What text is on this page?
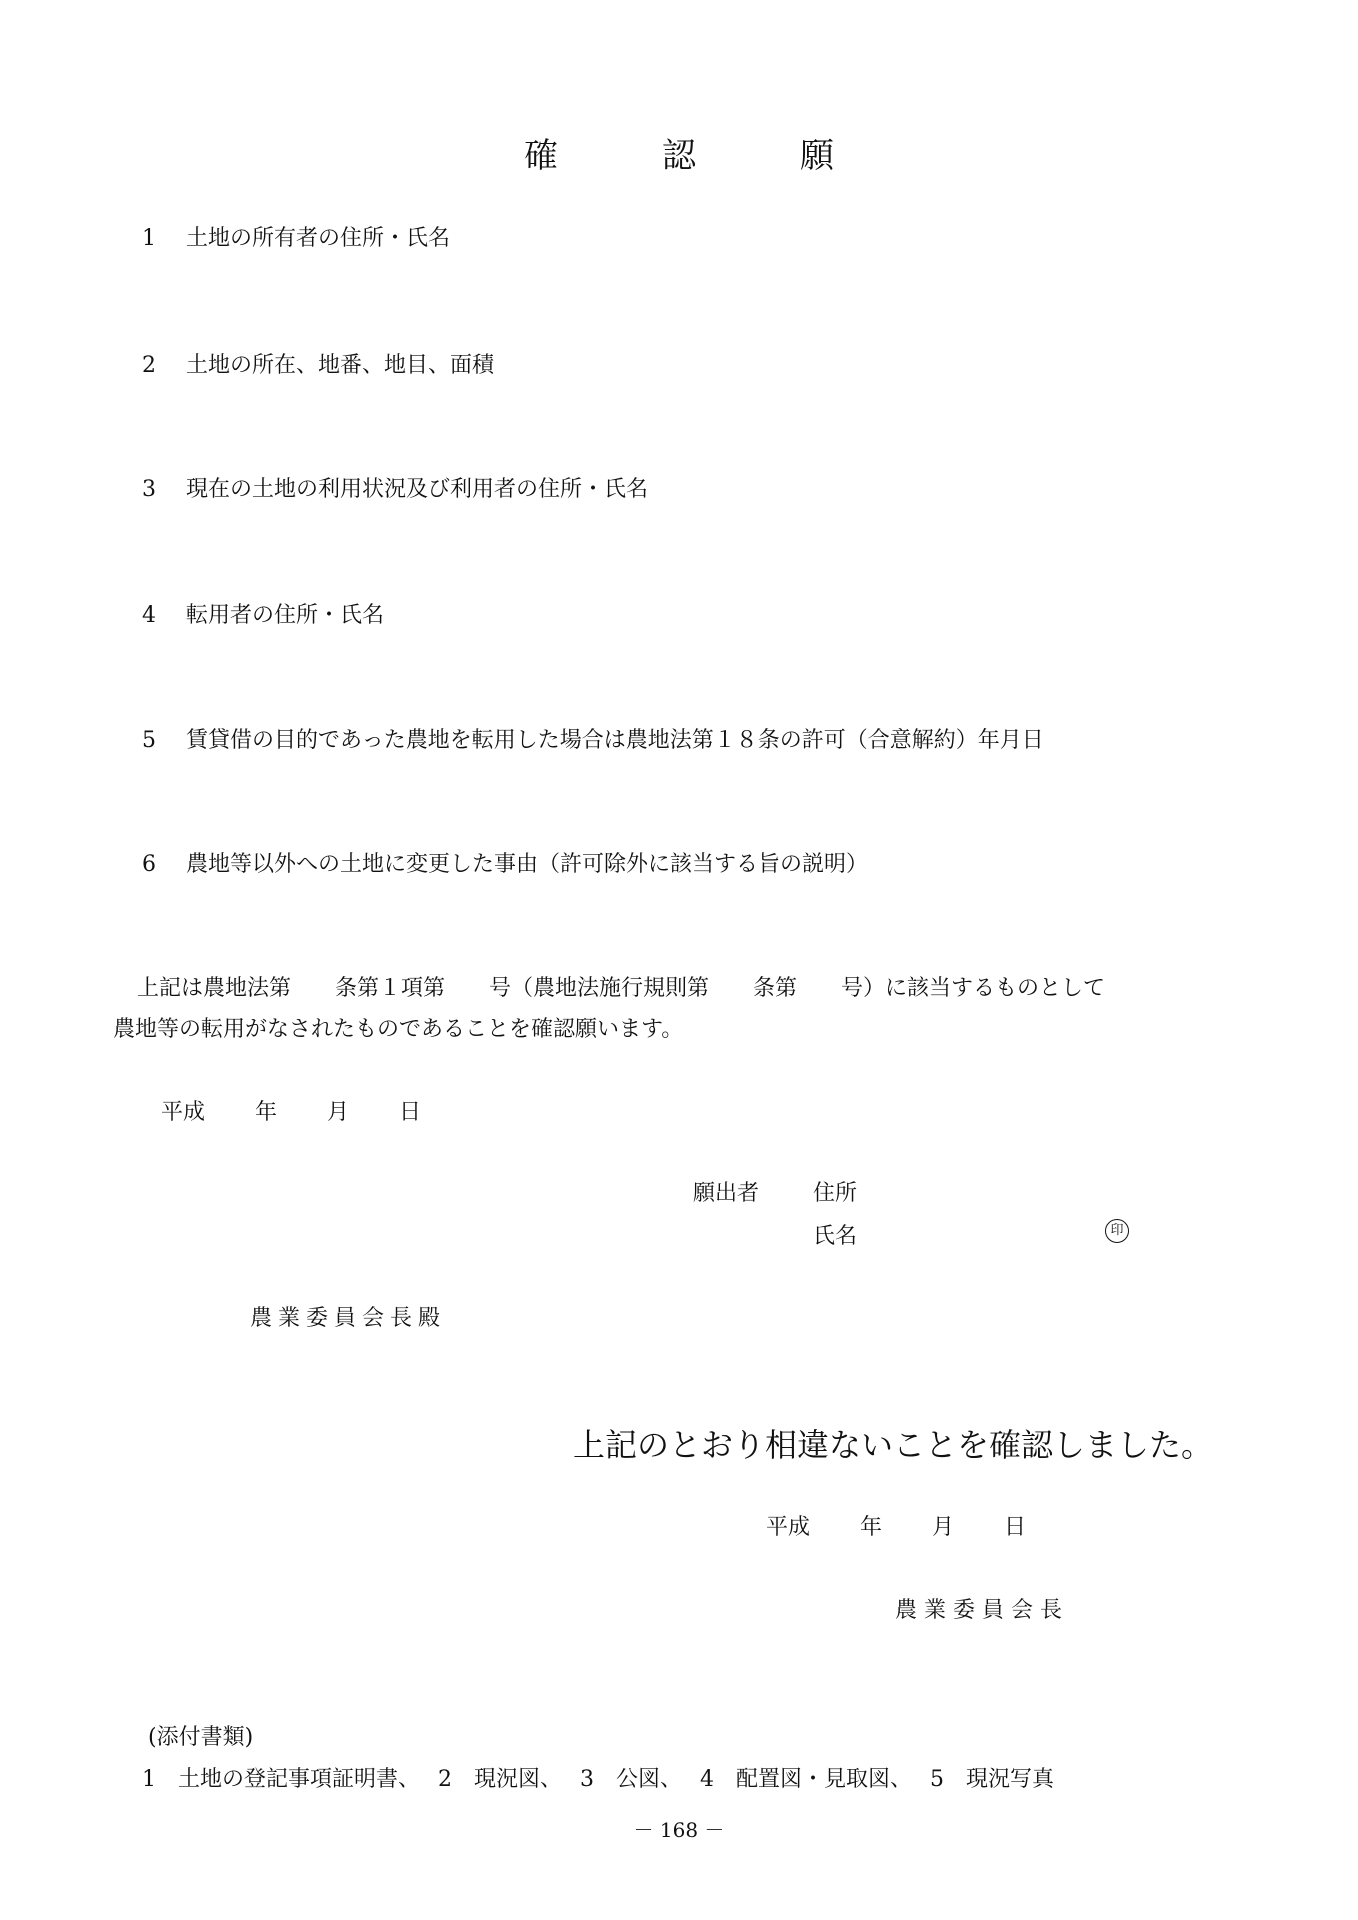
確	認	願
1 土地の所有者の住所・氏名
2 土地の所在、地番、地目、面積
3 現在の土地の利用状況及び利用者の住所・氏名
4 転用者の住所・氏名
5 賃貸借の目的であった農地を転用した場合は農地法第１８条の許可（合意解約）年月日
6 農地等以外への土地に変更した事由（許可除外に該当する旨の説明）
上記は農地法第　　条第１項第　　号（農地法施行規則第　　条第　　号）に該当するものとして
農地等の転用がなされたものであることを確認願います。
平成 年 月 日
願出者 住所
氏名	印
農業委員会長殿
上記のとおり相違ないことを確認しました。
平成 年 月 日
農業委員会長
(添付書類)
1　土地の登記事項証明書、 2　現況図、 3　公図、 4　配置図・見取図、 5　現況写真
－ 168 －
